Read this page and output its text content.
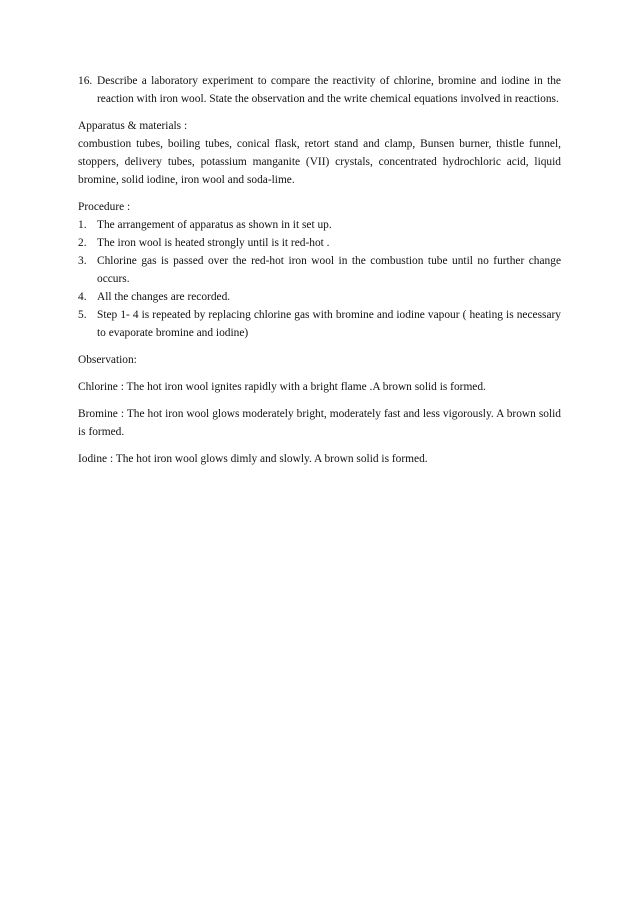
16. Describe a laboratory experiment to compare the reactivity of chlorine, bromine and iodine in the reaction with iron wool. State the observation and the write chemical equations involved in reactions.
Apparatus & materials :
combustion tubes, boiling tubes, conical flask, retort stand and clamp, Bunsen burner, thistle funnel, stoppers, delivery tubes, potassium manganite (VII) crystals, concentrated hydrochloric acid, liquid bromine, solid iodine, iron wool and soda-lime.
Procedure :
1. The arrangement of apparatus as shown in it set up.
2. The iron wool is heated strongly until is it red-hot .
3. Chlorine gas is passed over the red-hot iron wool in the combustion tube until no further change occurs.
4. All the changes are recorded.
5. Step 1- 4 is repeated by replacing chlorine gas with bromine and iodine vapour ( heating is necessary to evaporate bromine and iodine)
Observation:

Chlorine : The hot iron wool ignites rapidly with a bright flame .A brown solid is formed.

Bromine : The hot iron wool glows moderately bright, moderately fast and less vigorously. A brown solid is formed.

Iodine : The hot iron wool glows dimly and slowly. A brown solid is formed.
